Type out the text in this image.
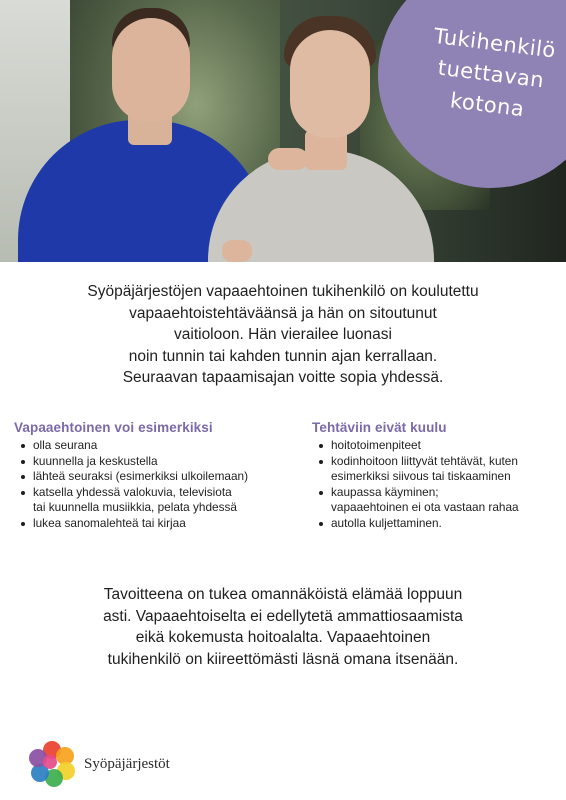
Tukihenkilö
tuettavan
kotona
Syöpäjärjestöjen vapaaehtoinen tukihenkilö on koulutettu
vapaaehtoistehtäväänsä ja hän on sitoutunut
vaitioloon. Hän vierailee luonasi
noin tunnin tai kahden tunnin ajan kerrallaan.
Seuraavan tapaamisajan voitte sopia yhdessä.
Vapaaehtoinen voi esimerkiksi
olla seurana
kuunnella ja keskustella
lähteä seuraksi (esimerkiksi ulkoilemaan)
katsella yhdessä valokuvia, televisiota
tai kuunnella musiikkia, pelata yhdessä
lukea sanomalehteä tai kirjaa
Tehtäviin eivät kuulu
hoitotoimenpiteet
kodinhoitoon liittyvät tehtävät, kuten
esimerkiksi siivous tai tiskaaminen
kaupassa käyminen;
vapaaehtoinen ei ota vastaan rahaa
autolla kuljettaminen.
Tavoitteena on tukea omannäköistä elämää loppuun
asti. Vapaaehtoiselta ei edellytetä ammattiosaamista
eikä kokemusta hoitoalalta. Vapaaehtoinen
tukihenkilö on kiireettömästi läsnä omana itsenään.
Syöpäjärjestöt
